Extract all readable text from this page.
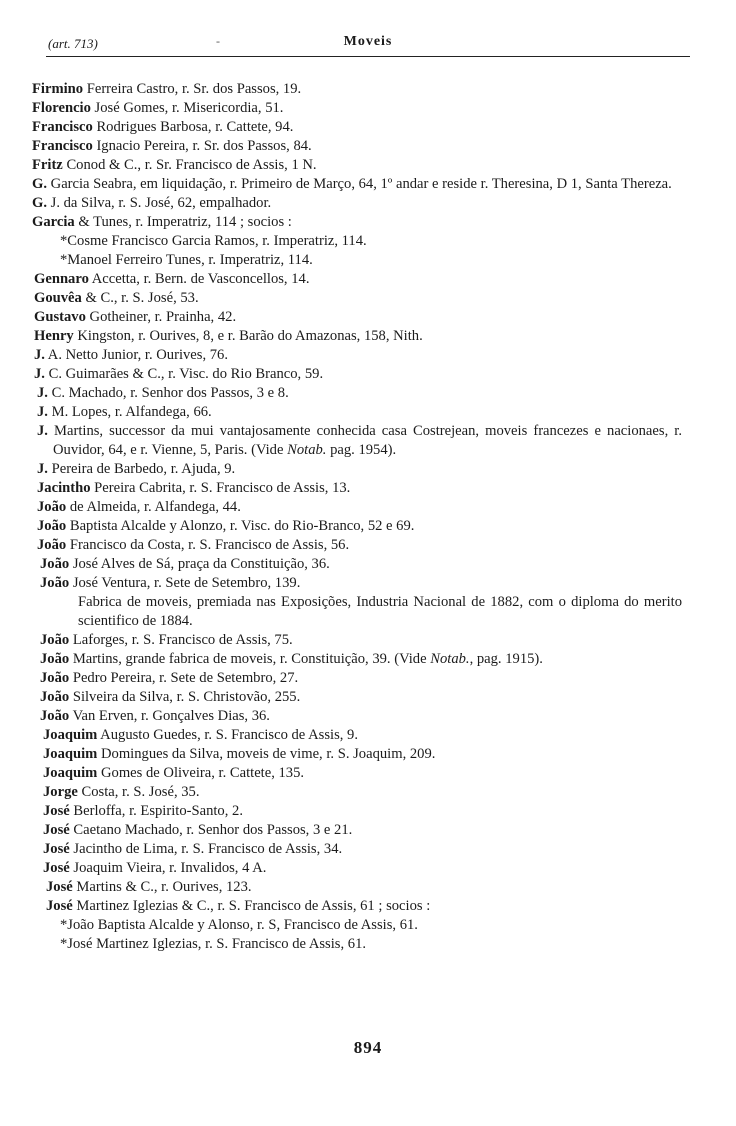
(art. 713)	-	Moveis
Firmino Ferreira Castro, r. Sr. dos Passos, 19.
Florencio José Gomes, r. Misericordia, 51.
Francisco Rodrigues Barbosa, r. Cattete, 94.
Francisco Ignacio Pereira, r. Sr. dos Passos, 84.
Fritz Conod & C., r. Sr. Francisco de Assis, 1 N.
G. Garcia Seabra, em liquidação, r. Primeiro de Março, 64, 1º andar e reside r. Theresina, D 1, Santa Thereza.
G. J. da Silva, r. S. José, 62, empalhador.
Garcia & Tunes, r. Imperatriz, 114 ; socios :
*Cosme Francisco Garcia Ramos, r. Imperatriz, 114.
*Manoel Ferreiro Tunes, r. Imperatriz, 114.
Gennaro Accetta, r. Bern. de Vasconcellos, 14.
Gouvêa & C., r. S. José, 53.
Gustavo Gotheiner, r. Prainha, 42.
Henry Kingston, r. Ourives, 8, e r. Barão do Amazonas, 158, Nith.
J. A. Netto Junior, r. Ourives, 76.
J. C. Guimarães & C., r. Visc. do Rio Branco, 59.
J. C. Machado, r. Senhor dos Passos, 3 e 8.
J. M. Lopes, r. Alfandega, 66.
J. Martins, successor da mui vantajosamente conhecida casa Costrejean, moveis francezes e nacionaes, r. Ouvidor, 64, e r. Vienne, 5, Paris. (Vide Notab. pag. 1954).
J. Pereira de Barbedo, r. Ajuda, 9.
Jacintho Pereira Cabrita, r. S. Francisco de Assis, 13.
João de Almeida, r. Alfandega, 44.
João Baptista Alcalde y Alonzo, r. Visc. do Rio-Branco, 52 e 69.
João Francisco da Costa, r. S. Francisco de Assis, 56.
João José Alves de Sá, praça da Constituição, 36.
João José Ventura, r. Sete de Setembro, 139.
Fabrica de moveis, premiada nas Exposições, Industria Nacional de 1882, com o diploma do merito scientifico de 1884.
João Laforges, r. S. Francisco de Assis, 75.
João Martins, grande fabrica de moveis, r. Constituição, 39. (Vide Notab., pag. 1915).
João Pedro Pereira, r. Sete de Setembro, 27.
João Silveira da Silva, r. S. Christovão, 255.
João Van Erven, r. Gonçalves Dias, 36.
Joaquim Augusto Guedes, r. S. Francisco de Assis, 9.
Joaquim Domingues da Silva, moveis de vime, r. S. Joaquim, 209.
Joaquim Gomes de Oliveira, r. Cattete, 135.
Jorge Costa, r. S. José, 35.
José Berloffa, r. Espirito-Santo, 2.
José Caetano Machado, r. Senhor dos Passos, 3 e 21.
José Jacintho de Lima, r. S. Francisco de Assis, 34.
José Joaquim Vieira, r. Invalidos, 4 A.
José Martins & C., r. Ourives, 123.
José Martinez Iglezias & C., r. S. Francisco de Assis, 61 ; socios :
*João Baptista Alcalde y Alonso, r. S, Francisco de Assis, 61.
*José Martinez Iglezias, r. S. Francisco de Assis, 61.
894
